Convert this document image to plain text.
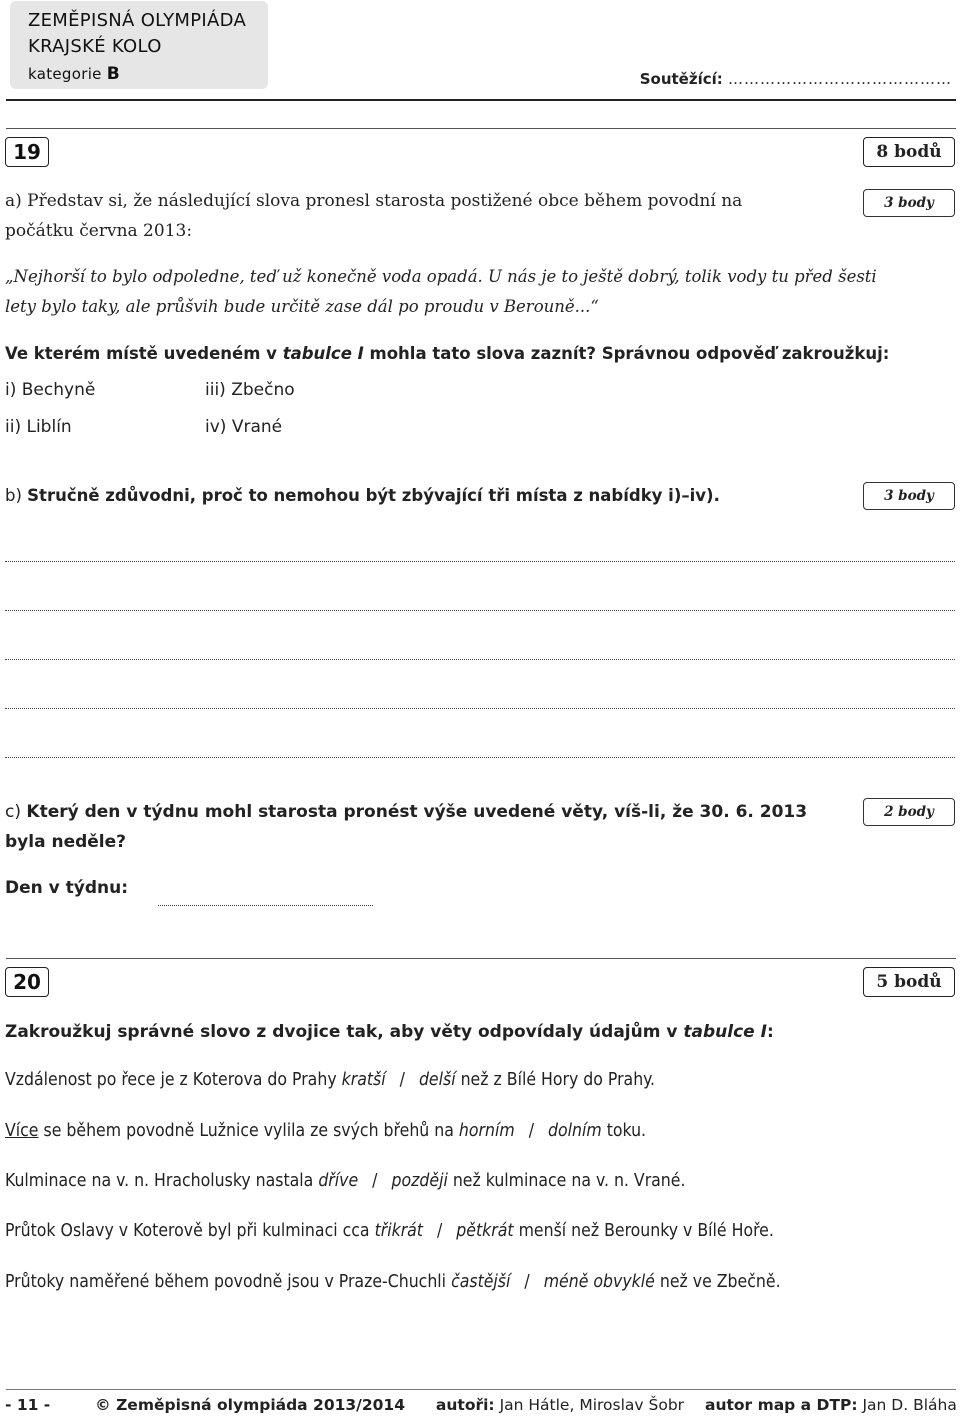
ZEMĚPISNÁ OLYMPIÁDA
KRAJSKÉ KOLO
kategorie B	Soutěžící: ……………………………………
19	8 bodů
a) Představ si, že následující slova pronesl starosta postižené obce během povodní na
počátku června 2013:
3 body
„Nejhorší to bylo odpoledne, teď už konečně voda opadá. U nás je to ještě dobrý, tolik vody tu před šesti
lety bylo taky, ale průšvih bude určitě zase dál po proudu v Berouně...“
Ve kterém místě uvedeném v tabulce I mohla tato slova zaznít? Správnou odpověď zakroužkuj:
i) Bechyně	iii) Zbečno
ii) Liblín	iv) Vrané
b) Stručně zdůvodni, proč to nemohou být zbývající tři místa z nabídky i)–iv).	3 body
c) Který den v týdnu mohl starosta pronést výše uvedené věty, víš-li, že 30. 6. 2013
byla neděle?
2 body
Den v týdnu:
20	5 bodů
Zakroužkuj správné slovo z dvojice tak, aby věty odpovídaly údajům v tabulce I:
Vzdálenost po řece je z Koterova do Prahy kratší / delší než z Bílé Hory do Prahy.
Více se během povodně Lužnice vylila ze svých břehů na horním / dolním toku.
Kulminace na v. n. Hracholusky nastala dříve / později než kulminace na v. n. Vrané.
Průtok Oslavy v Koterově byl při kulminaci cca třikrát / pětkrát menší než Berounky v Bílé Hoře.
Průtoky naměřené během povodně jsou v Praze-Chuchli častější / méně obvyklé než ve Zbečně.
- 11 -	© Zeměpisná olympiáda 2013/2014 autoři: Jan Hátle, Miroslav Šobr autor map a DTP: Jan D. Bláha
